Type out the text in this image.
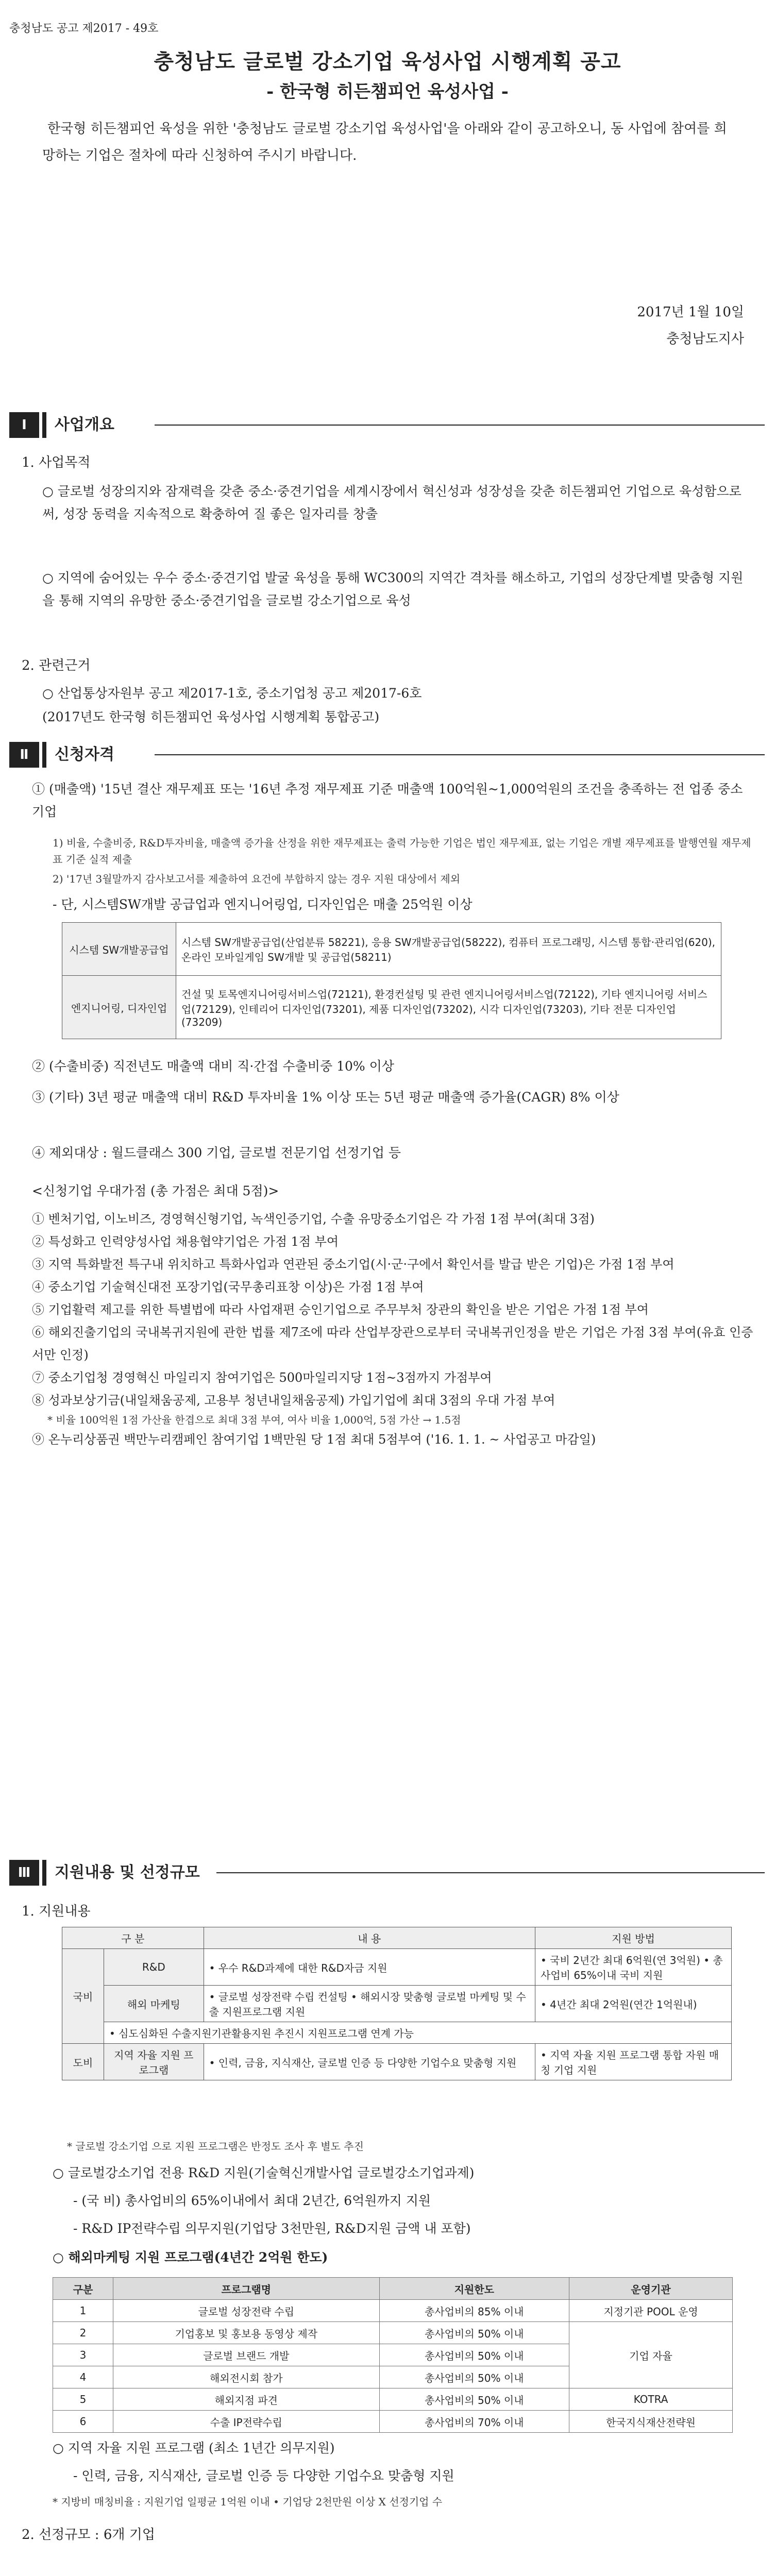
충청남도 공고 제2017 - 49호
충청남도 글로벌 강소기업 육성사업 시행계획 공고
- 한국형 히든챔피언 육성사업 -
한국형 히든챔피언 육성을 위한 '충청남도 글로벌 강소기업 육성사업'을 아래와 같이 공고하오니, 동 사업에 참여를 희망하는 기업은 절차에 따라 신청하여 주시기 바랍니다.
2017년 1월 10일
충청남도지사
Ⅰ	사업개요
1. 사업목적
○ 글로벌 성장의지와 잠재력을 갖춘 중소·중견기업을 세계시장에서 혁신성과 성장성을 갖춘 히든챔피언 기업으로 육성함으로써, 성장 동력을 지속적으로 확충하여 질 좋은 일자리를 창출
○ 지역에 숨어있는 우수 중소·중견기업 발굴 육성을 통해 WC300의 지역간 격차를 해소하고, 기업의 성장단계별 맞춤형 지원을 통해 지역의 유망한 중소·중견기업을 글로벌 강소기업으로 육성
2. 관련근거
○ 산업통상자원부 공고 제2017-1호, 중소기업청 공고 제2017-6호
(2017년도 한국형 히든챔피언 육성사업 시행계획 통합공고)
Ⅱ	신청자격
① (매출액) '15년 결산 재무제표 또는 '16년 추정 재무제표 기준 매출액 100억원~1,000억원의 조건을 충족하는 전 업종 중소기업
1) 비율, 수출비중, R&D투자비율, 매출액 증가율 산정을 위한 재무제표는 출력 가능한 기업은 법인 재무제표, 없는 기업은 개별 재무제표를 발행연월 재무제표 기준 실적 제출
2) '17년 3월말까지 감사보고서를 제출하여 요건에 부합하지 않는 경우 지원 대상에서 제외
- 단, 시스템SW개발 공급업과 엔지니어링업, 디자인업은 매출 25억원 이상
시스템 SW개발공급업	시스템 SW개발공급업(산업분류 58221), 응용 SW개발공급업(58222), 컴퓨터 프로그래밍, 시스템 통합·관리업(620), 온라인 모바일게임 SW개발 및 공급업(58211)
엔지니어링, 디자인업	건설 및 토목엔지니어링서비스업(72121), 환경컨설팅 및 관련 엔지니어링서비스업(72122), 기타 엔지니어링 서비스업(72129), 인테리어 디자인업(73201), 제품 디자인업(73202), 시각 디자인업(73203), 기타 전문 디자인업(73209)
② (수출비중) 직전년도 매출액 대비 직·간접 수출비중 10% 이상
③ (기타) 3년 평균 매출액 대비 R&D 투자비율 1% 이상 또는 5년 평균 매출액 증가율(CAGR) 8% 이상
④ 제외대상 : 월드클래스 300 기업, 글로벌 전문기업 선정기업 등
<신청기업 우대가점 (총 가점은 최대 5점)>
① 벤처기업, 이노비즈, 경영혁신형기업, 녹색인증기업, 수출 유망중소기업은 각 가점 1점 부여(최대 3점)
② 특성화고 인력양성사업 채용협약기업은 가점 1점 부여
③ 지역 특화발전 특구내 위치하고 특화사업과 연관된 중소기업(시·군·구에서 확인서를 발급 받은 기업)은 가점 1점 부여
④ 중소기업 기술혁신대전 포장기업(국무총리표창 이상)은 가점 1점 부여
⑤ 기업활력 제고를 위한 특별법에 따라 사업재편 승인기업으로 주무부처 장관의 확인을 받은 기업은 가점 1점 부여
⑥ 해외진출기업의 국내복귀지원에 관한 법률 제7조에 따라 산업부장관으로부터 국내복귀인정을 받은 기업은 가점 3점 부여(유효 인증서만 인정)
⑦ 중소기업청 경영혁신 마일리지 참여기업은 500마일리지당 1점~3점까지 가점부여
⑧ 성과보상기금(내일채움공제, 고용부 청년내일채움공제) 가입기업에 최대 3점의 우대 가점 부여
* 비율 100억원 1점 가산율 한겹으로 최대 3점 부여, 여사 비율 1,000억, 5점 가산 → 1.5점
⑨ 온누리상품권 백만누리캠페인 참여기업 1백만원 당 1점 최대 5점부여 ('16. 1. 1. ~ 사업공고 마감일)
Ⅲ	지원내용 및 선정규모
1. 지원내용
구 분		내 용	지원 방법
국비	R&D	• 우수 R&D과제에 대한 R&D자금 지원	• 국비 2년간 최대 6억원(연 3억원) • 총사업비 65%이내 국비 지원
	해외 마케팅	• 글로벌 성장전략 수립 컨설팅 • 해외시장 맞춤형 글로벌 마케팅 및 수출 지원프로그램 지원	• 4년간 최대 2억원(연간 1억원내)
	• 심도심화된 수출지원기관활용지원 추진시 지원프로그램 연계 가능		
도비	지역 자율 지원 프로그램	• 인력, 금융, 지식재산, 글로벌 인증 등 다양한 기업수요 맞춤형 지원	• 지역 자율 지원 프로그램 통합 자원 매칭 기업 지원
* 글로벌 강소기업 으로 지원 프로그램은 반정도 조사 후 별도 추진
○ 글로벌강소기업 전용 R&D 지원(기술혁신개발사업 글로벌강소기업과제)
- (국 비) 총사업비의 65%이내에서 최대 2년간, 6억원까지 지원
- R&D IP전략수립 의무지원(기업당 3천만원, R&D지원 금액 내 포함)
○ 해외마케팅 지원 프로그램(4년간 2억원 한도)
구분	프로그램명	지원한도	운영기관
1	글로벌 성장전략 수립	총사업비의 85% 이내	지정기관 POOL 운영
2	기업홍보 및 홍보용 동영상 제작	총사업비의 50% 이내	기업 자율
3	글로벌 브랜드 개발	총사업비의 50% 이내	
4	해외전시회 참가	총사업비의 50% 이내	
5	해외지점 파견	총사업비의 50% 이내	KOTRA
6	수출 IP전략수립	총사업비의 70% 이내	한국지식재산전략원
○ 지역 자율 지원 프로그램 (최소 1년간 의무지원)
- 인력, 금융, 지식재산, 글로벌 인증 등 다양한 기업수요 맞춤형 지원
* 지방비 매칭비율 : 지원기업 일평균 1억원 이내 • 기업당 2천만원 이상 X 선정기업 수
2. 선정규모 : 6개 기업
